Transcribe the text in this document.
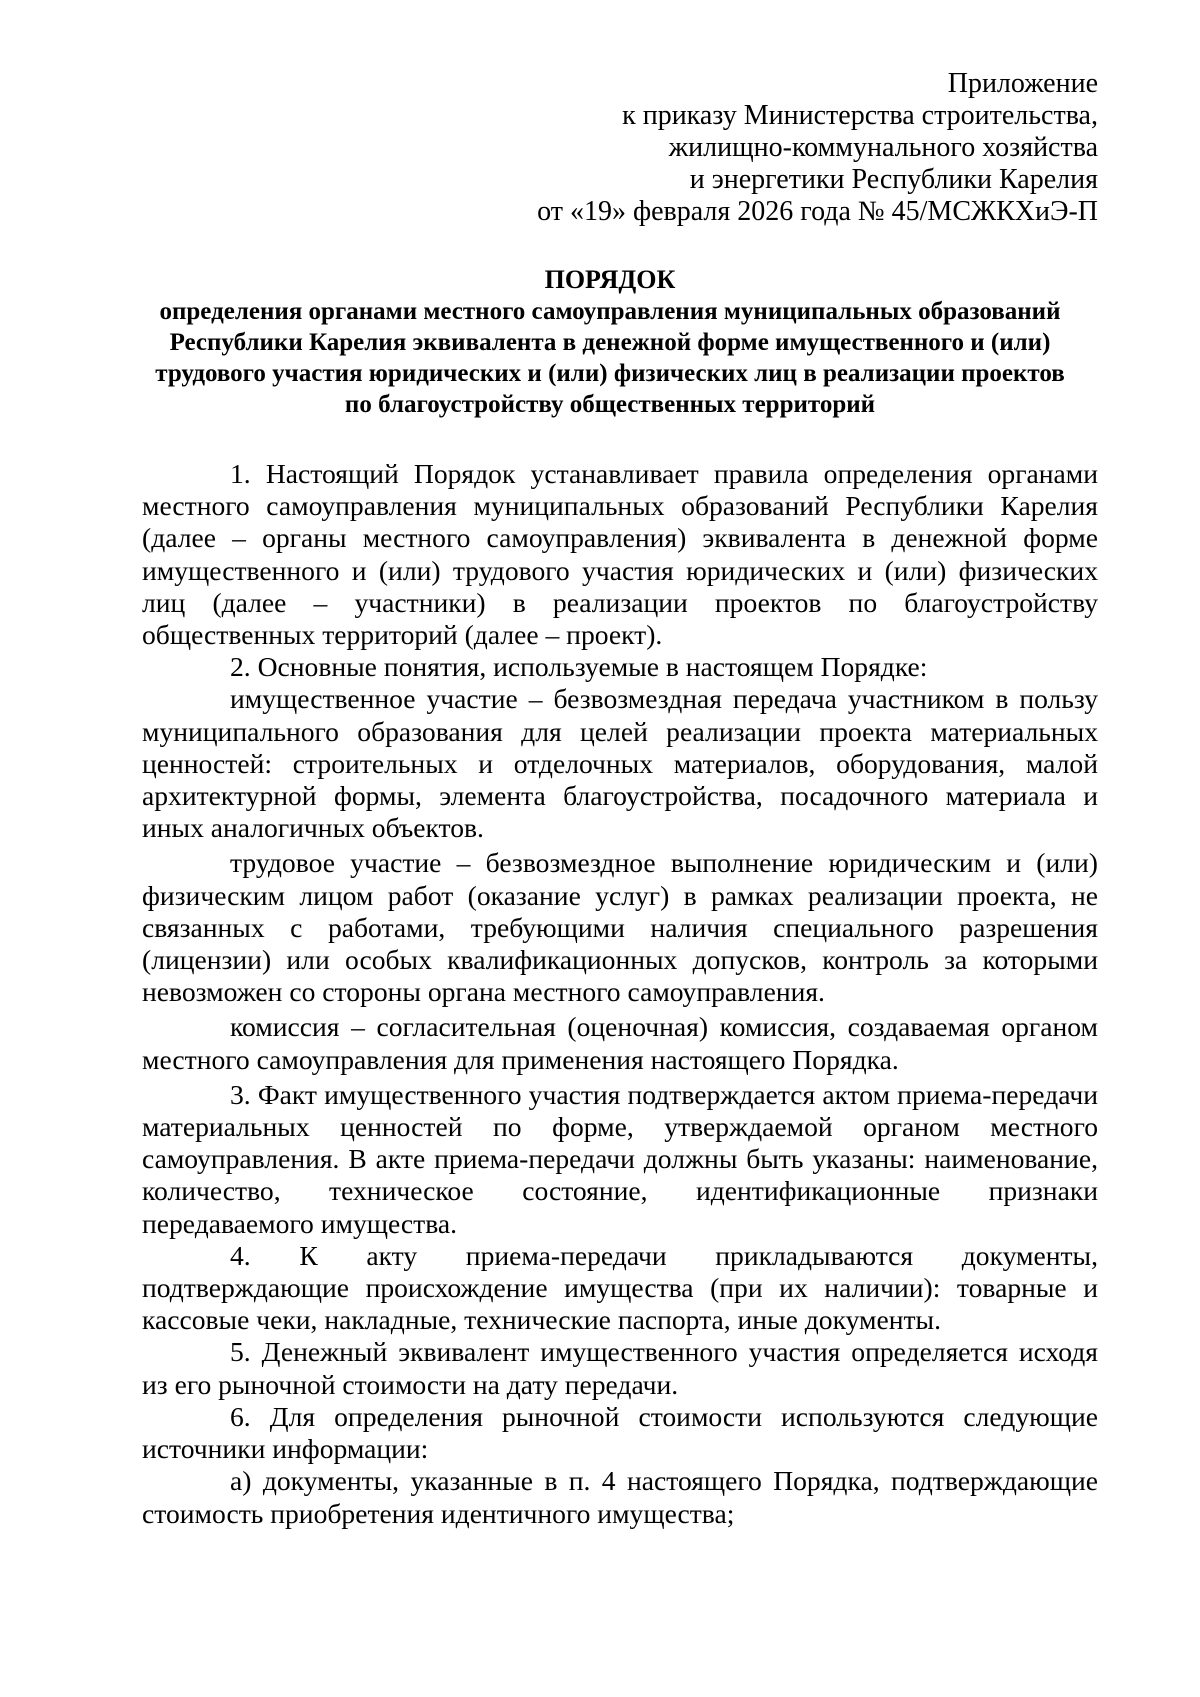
Приложение
к приказу Министерства строительства,
жилищно-коммунального хозяйства
и энергетики Республики Карелия
от «19» февраля 2026 года № 45/МСЖКХиЭ-П
ПОРЯДОК
определения органами местного самоуправления муниципальных образований
Республики Карелия эквивалента в денежной форме имущественного и (или)
трудового участия юридических и (или) физических лиц в реализации проектов
по благоустройству общественных территорий

1. Настоящий Порядок устанавливает правила определения органами местного самоуправления муниципальных образований Республики Карелия (далее – органы местного самоуправления) эквивалента в денежной форме имущественного и (или) трудового участия юридических и (или) физических лиц (далее – участники) в реализации проектов по благоустройству общественных территорий (далее – проект).

2. Основные понятия, используемые в настоящем Порядке:

имущественное участие – безвозмездная передача участником в пользу муниципального образования для целей реализации проекта материальных ценностей: строительных и отделочных материалов, оборудования, малой архитектурной формы, элемента благоустройства, посадочного материала и иных аналогичных объектов.

трудовое участие – безвозмездное выполнение юридическим и (или) физическим лицом работ (оказание услуг) в рамках реализации проекта, не связанных с работами, требующими наличия специального разрешения (лицензии) или особых квалификационных допусков, контроль за которыми невозможен со стороны органа местного самоуправления.

комиссия – согласительная (оценочная) комиссия, создаваемая органом местного самоуправления для применения настоящего Порядка.

3. Факт имущественного участия подтверждается актом приема-передачи материальных ценностей по форме, утверждаемой органом местного самоуправления. В акте приема-передачи должны быть указаны: наименование, количество, техническое состояние, идентификационные признаки передаваемого имущества.

4. К акту приема-передачи прикладываются документы, подтверждающие происхождение имущества (при их наличии): товарные и кассовые чеки, накладные, технические паспорта, иные документы.

5. Денежный эквивалент имущественного участия определяется исходя из его рыночной стоимости на дату передачи.

6. Для определения рыночной стоимости используются следующие источники информации:

а) документы, указанные в п. 4 настоящего Порядка, подтверждающие стоимость приобретения идентичного имущества;
